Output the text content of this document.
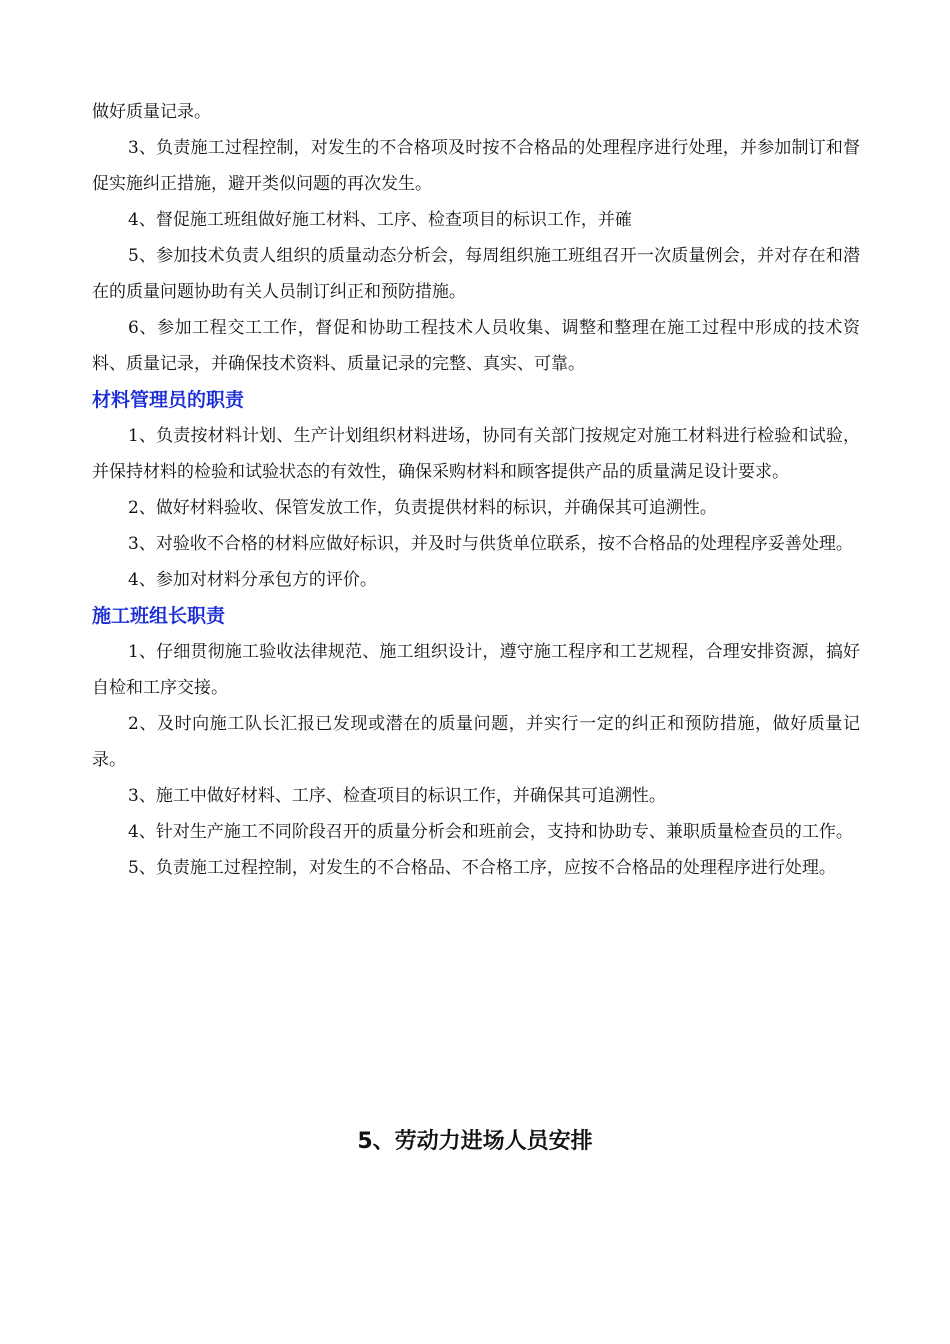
做好质量记录。

3、负责施工过程控制，对发生的不合格项及时按不合格品的处理程序进行处理，并参加制订和督促实施纠正措施，避开类似问题的再次发生。

4、督促施工班组做好施工材料、工序、检查项目的标识工作，并確

5、参加技术负责人组织的质量动态分析会，每周组织施工班组召开一次质量例会，并对存在和潜在的质量问题协助有关人员制订纠正和预防措施。

6、参加工程交工工作，督促和协助工程技术人员收集、调整和整理在施工过程中形成的技术资料、质量记录，并确保技术资料、质量记录的完整、真实、可靠。

材料管理员的职责

1、负责按材料计划、生产计划组织材料进场，协同有关部门按规定对施工材料进行检验和试验，并保持材料的检验和试验状态的有效性，确保采购材料和顾客提供产品的质量满足设计要求。

2、做好材料验收、保管发放工作，负责提供材料的标识，并确保其可追溯性。

3、对验收不合格的材料应做好标识，并及时与供货单位联系，按不合格品的处理程序妥善处理。

4、参加对材料分承包方的评价。

施工班组长职责

1、仔细贯彻施工验收法律规范、施工组织设计，遵守施工程序和工艺规程，合理安排资源，搞好自检和工序交接。

2、及时向施工队长汇报已发现或潜在的质量问题，并实行一定的纠正和预防措施，做好质量记录。

3、施工中做好材料、工序、检查项目的标识工作，并确保其可追溯性。

4、针对生产施工不同阶段召开的质量分析会和班前会，支持和协助专、兼职质量检查员的工作。

5、负责施工过程控制，对发生的不合格品、不合格工序，应按不合格品的处理程序进行处理。

5、劳动力进场人员安排
